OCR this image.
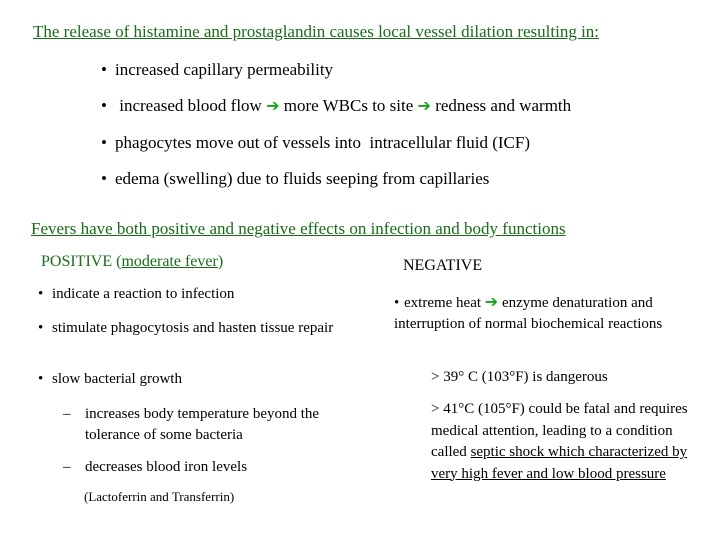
The release of histamine and prostaglandin causes local vessel dilation resulting in:
• increased capillary permeability
• increased blood flow ➔ more WBCs to site ➔ redness and warmth
• phagocytes move out of vessels into  intracellular fluid (ICF)
• edema (swelling) due to fluids seeping from capillaries
Fevers have both positive and negative effects on infection and body functions
POSITIVE (moderate fever)
• indicate a reaction to infection
• stimulate phagocytosis and hasten tissue repair
• slow bacterial growth
– increases body temperature beyond the tolerance of some bacteria
– decreases blood iron levels
(Lactoferrin and Transferrin)
NEGATIVE
• extreme heat ➔ enzyme denaturation and interruption of normal biochemical reactions
> 39° C (103°F) is dangerous
> 41°C (105°F) could be fatal and requires medical attention, leading to a condition called septic shock which characterized by very high fever and low blood pressure
